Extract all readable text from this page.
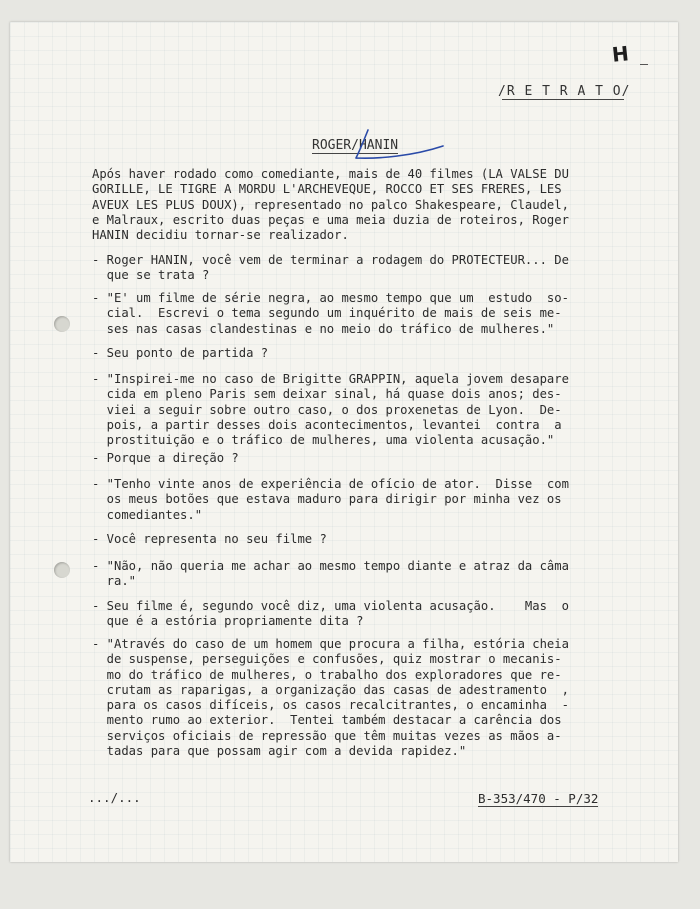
H
/R E T R A T O/
ROGER/HANIN
Após haver rodado como comediante, mais de 40 filmes (LA VALSE DU
GORILLE, LE TIGRE A MORDU L'ARCHEVEQUE, ROCCO ET SES FRERES, LES
AVEUX LES PLUS DOUX), representado no palco Shakespeare, Claudel,
e Malraux, escrito duas peças e uma meia duzia de roteiros, Roger
HANIN decidiu tornar-se realizador.
- Roger HANIN, você vem de terminar a rodagem do PROTECTEUR... De
que se trata ?
- "E' um filme de série negra, ao mesmo tempo que um  estudo  so-
cial.  Escrevi o tema segundo um inquérito de mais de seis me-
ses nas casas clandestinas e no meio do tráfico de mulheres."
- Seu ponto de partida ?
- "Inspirei-me no caso de Brigitte GRAPPIN, aquela jovem desapare
cida em pleno Paris sem deixar sinal, há quase dois anos; des-
viei a seguir sobre outro caso, o dos proxenetas de Lyon.  De-
pois, a partir desses dois acontecimentos, levantei  contra  a
prostituição e o tráfico de mulheres, uma violenta acusação."
- Porque a direção ?
- "Tenho vinte anos de experiência de ofício de ator.  Disse  com
os meus botões que estava maduro para dirigir por minha vez os
comediantes."
- Você representa no seu filme ?
- "Não, não queria me achar ao mesmo tempo diante e atraz da câma
ra."
- Seu filme é, segundo você diz, uma violenta acusação.    Mas  o
que é a estória propriamente dita ?
- "Através do caso de um homem que procura a filha, estória cheia
de suspense, perseguições e confusões, quiz mostrar o mecanis-
mo do tráfico de mulheres, o trabalho dos exploradores que re-
crutam as raparigas, a organização das casas de adestramento  ,
para os casos difíceis, os casos recalcitrantes, o encaminha  -
mento rumo ao exterior.  Tentei também destacar a carência dos
serviços oficiais de repressão que têm muitas vezes as mãos a-
tadas para que possam agir com a devida rapidez."
.../...	B-353/470 - P/32
